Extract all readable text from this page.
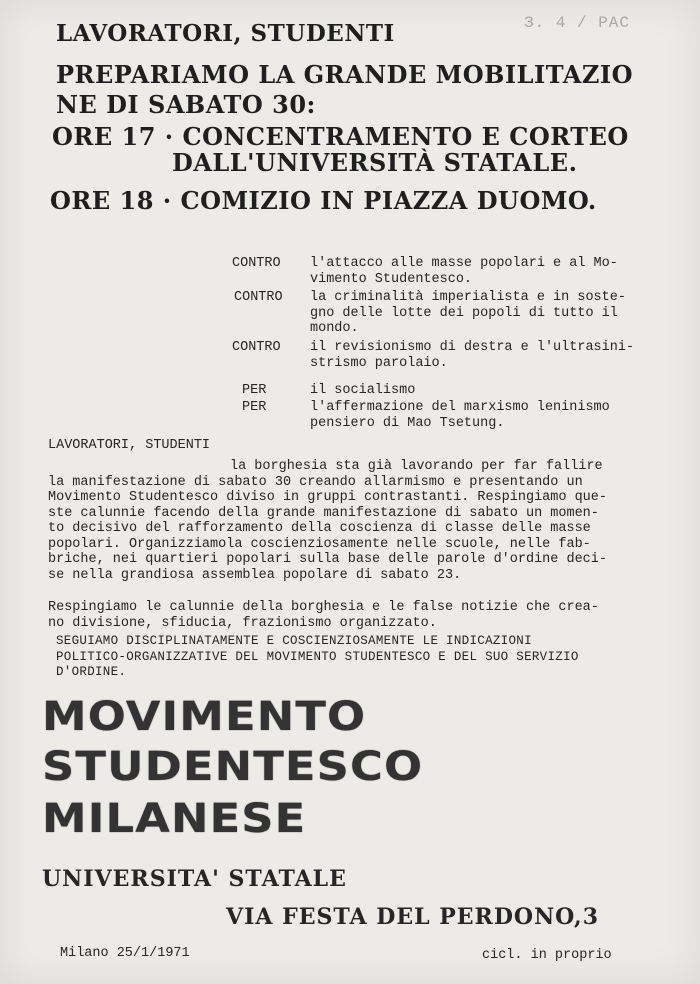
З. 4 / РАС

LAVORATORI, STUDENTI

PREPARIAMO LA GRANDE MOBILITAZIO

NE DI SABATO 30:

ORE 17 · CONCENTRAMENTO E CORTEO

DALL'UNIVERSITÀ STATALE.

ORE 18 · COMIZIO IN PIAZZA DUOMO.

CONTRO	l'attacco alle masse popolari e al Mo-
vimento Studentesco.
CONTRO	la criminalità imperialista e in soste-
gno delle lotte dei popoli di tutto il
mondo.
CONTRO	il revisionismo di destra e l'ultrasini-
strismo parolaio.
PER	il socialismo
PER	l'affermazione del marxismo leninismo
pensiero di Mao Tsetung.

LAVORATORI, STUDENTI

la borghesia sta già lavorando per far fallire
la manifestazione di sabato 30 creando allarmismo e presentando un
Movimento Studentesco diviso in gruppi contrastanti. Respingiamo que-
ste calunnie facendo della grande manifestazione di sabato un momen-
to decisivo del rafforzamento della coscienza di classe delle masse
popolari. Organizziamola coscienziosamente nelle scuole, nelle fab-
briche, nei quartieri popolari sulla base delle parole d'ordine deci-
se nella grandiosa assemblea popolare di sabato 23.
Respingiamo le calunnie della borghesia e le false notizie che crea-
no divisione, sfiducia, frazionismo organizzato.
SEGUIAMO DISCIPLINATAMENTE E COSCIENZIOSAMENTE LE INDICAZIONI
POLITICO-ORGANIZZATIVE DEL MOVIMENTO STUDENTESCO E DEL SUO SERVIZIO
D'ORDINE.

MOVIMENTO

STUDENTESCO

MILANESE

UNIVERSITA' STATALE

VIA FESTA DEL PERDONO,3

Milano 25/1/1971	cicl. in proprio
